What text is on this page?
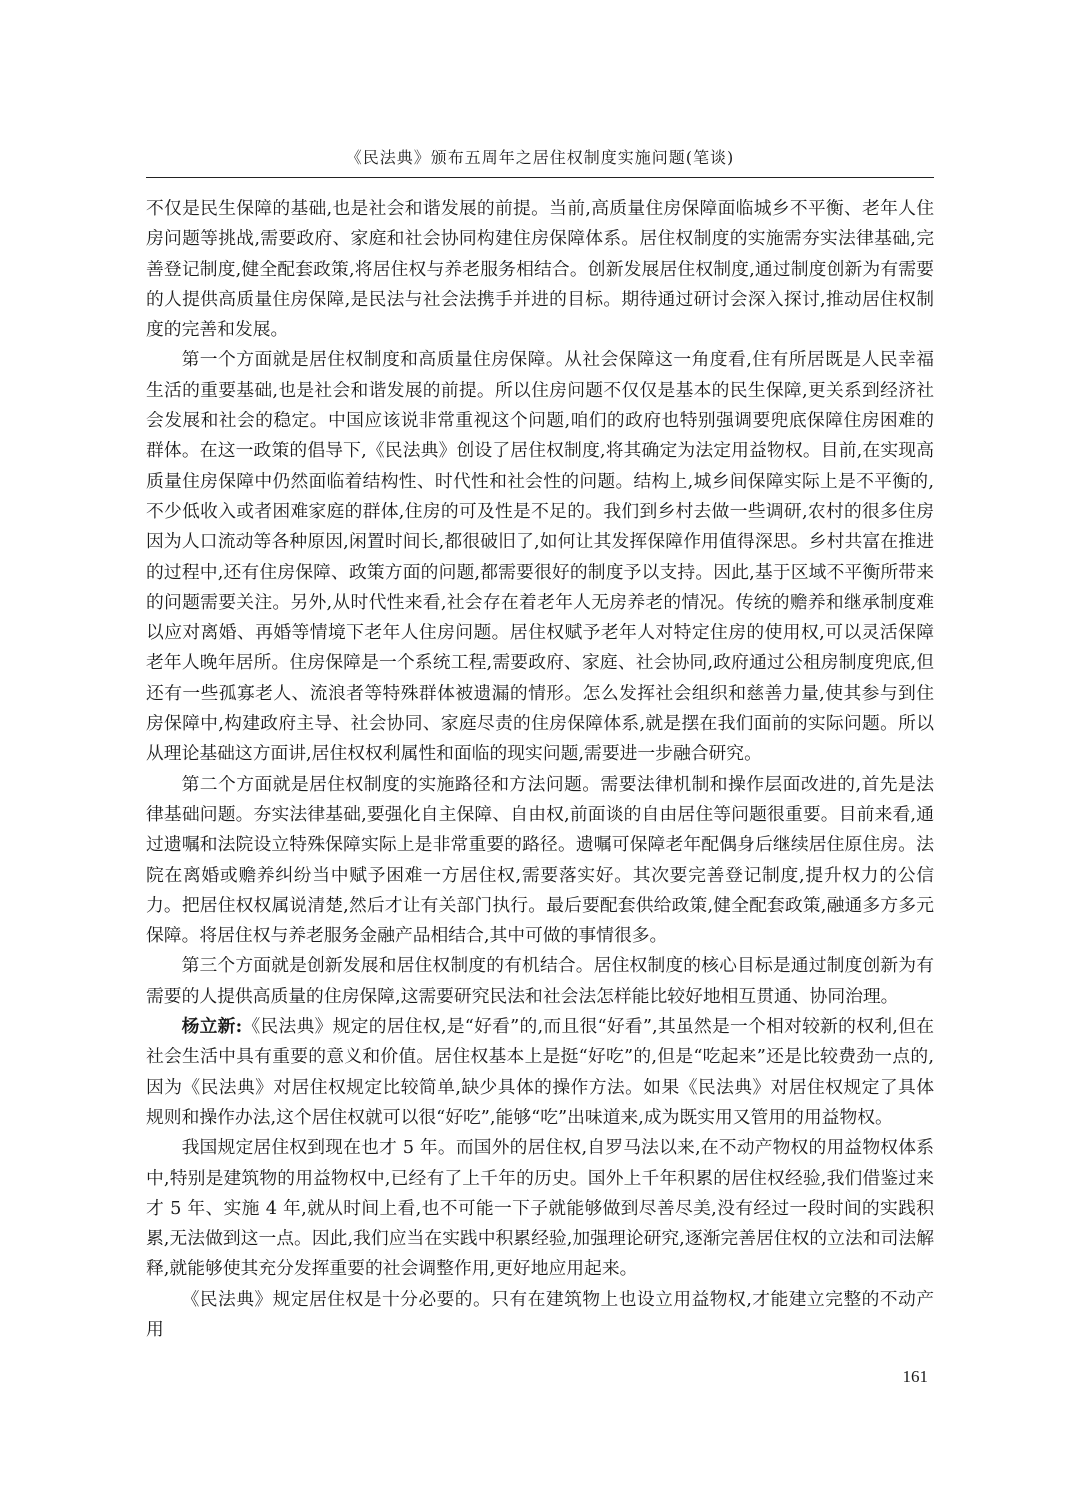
《民法典》颁布五周年之居住权制度实施问题(笔谈)

不仅是民生保障的基础,也是社会和谐发展的前提。当前,高质量住房保障面临城乡不平衡、老年人住房问题等挑战,需要政府、家庭和社会协同构建住房保障体系。居住权制度的实施需夯实法律基础,完善登记制度,健全配套政策,将居住权与养老服务相结合。创新发展居住权制度,通过制度创新为有需要的人提供高质量住房保障,是民法与社会法携手并进的目标。期待通过研讨会深入探讨,推动居住权制度的完善和发展。

第一个方面就是居住权制度和高质量住房保障。从社会保障这一角度看,住有所居既是人民幸福生活的重要基础,也是社会和谐发展的前提。所以住房问题不仅仅是基本的民生保障,更关系到经济社会发展和社会的稳定。中国应该说非常重视这个问题,咱们的政府也特别强调要兜底保障住房困难的群体。在这一政策的倡导下,《民法典》创设了居住权制度,将其确定为法定用益物权。目前,在实现高质量住房保障中仍然面临着结构性、时代性和社会性的问题。结构上,城乡间保障实际上是不平衡的,不少低收入或者困难家庭的群体,住房的可及性是不足的。我们到乡村去做一些调研,农村的很多住房因为人口流动等各种原因,闲置时间长,都很破旧了,如何让其发挥保障作用值得深思。乡村共富在推进的过程中,还有住房保障、政策方面的问题,都需要很好的制度予以支持。因此,基于区域不平衡所带来的问题需要关注。另外,从时代性来看,社会存在着老年人无房养老的情况。传统的赡养和继承制度难以应对离婚、再婚等情境下老年人住房问题。居住权赋予老年人对特定住房的使用权,可以灵活保障老年人晚年居所。住房保障是一个系统工程,需要政府、家庭、社会协同,政府通过公租房制度兜底,但还有一些孤寡老人、流浪者等特殊群体被遗漏的情形。怎么发挥社会组织和慈善力量,使其参与到住房保障中,构建政府主导、社会协同、家庭尽责的住房保障体系,就是摆在我们面前的实际问题。所以从理论基础这方面讲,居住权权利属性和面临的现实问题,需要进一步融合研究。

第二个方面就是居住权制度的实施路径和方法问题。需要法律机制和操作层面改进的,首先是法律基础问题。夯实法律基础,要强化自主保障、自由权,前面谈的自由居住等问题很重要。目前来看,通过遗嘱和法院设立特殊保障实际上是非常重要的路径。遗嘱可保障老年配偶身后继续居住原住房。法院在离婚或赡养纠纷当中赋予困难一方居住权,需要落实好。其次要完善登记制度,提升权力的公信力。把居住权权属说清楚,然后才让有关部门执行。最后要配套供给政策,健全配套政策,融通多方多元保障。将居住权与养老服务金融产品相结合,其中可做的事情很多。

第三个方面就是创新发展和居住权制度的有机结合。居住权制度的核心目标是通过制度创新为有需要的人提供高质量的住房保障,这需要研究民法和社会法怎样能比较好地相互贯通、协同治理。

杨立新:《民法典》规定的居住权,是“好看”的,而且很“好看”,其虽然是一个相对较新的权利,但在社会生活中具有重要的意义和价值。居住权基本上是挺“好吃”的,但是“吃起来”还是比较费劲一点的,因为《民法典》对居住权规定比较简单,缺少具体的操作方法。如果《民法典》对居住权规定了具体规则和操作办法,这个居住权就可以很“好吃”,能够“吃”出味道来,成为既实用又管用的用益物权。

我国规定居住权到现在也才 5 年。而国外的居住权,自罗马法以来,在不动产物权的用益物权体系中,特别是建筑物的用益物权中,已经有了上千年的历史。国外上千年积累的居住权经验,我们借鉴过来才 5 年、实施 4 年,就从时间上看,也不可能一下子就能够做到尽善尽美,没有经过一段时间的实践积累,无法做到这一点。因此,我们应当在实践中积累经验,加强理论研究,逐渐完善居住权的立法和司法解释,就能够使其充分发挥重要的社会调整作用,更好地应用起来。

《民法典》规定居住权是十分必要的。只有在建筑物上也设立用益物权,才能建立完整的不动产用

161
